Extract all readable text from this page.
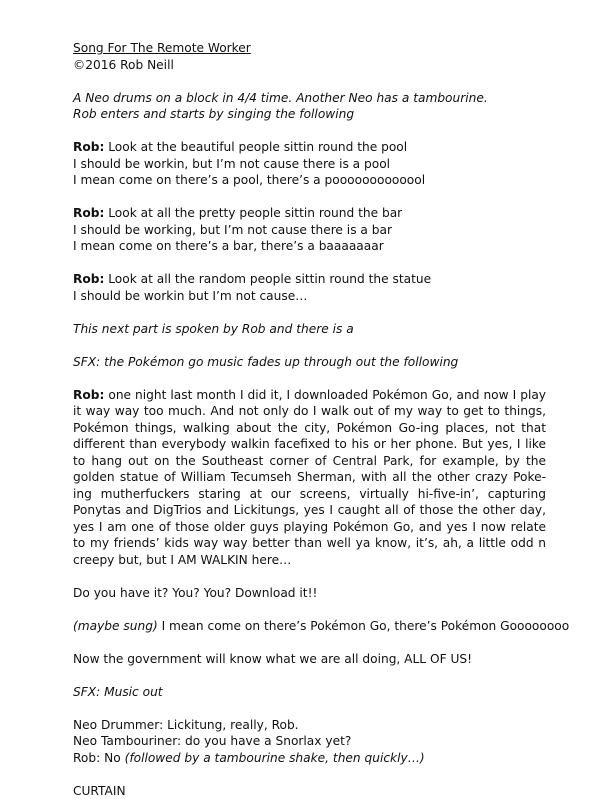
Song For The Remote Worker
©2016 Rob Neill
A Neo drums on a block in 4/4 time. Another Neo has a tambourine.
Rob enters and starts by singing the following
Rob: Look at the beautiful people sittin round the pool
I should be workin, but I’m not cause there is a pool
I mean come on there’s a pool, there’s a pooooooooooool
Rob: Look at all the pretty people sittin round the bar
I should be working, but I’m not cause there is a bar
I mean come on there’s a bar, there’s a baaaaaaar
Rob: Look at all the random people sittin round the statue
I should be workin but I’m not cause…
This next part is spoken by Rob and there is a
SFX: the Pokémon go music fades up through out the following
Rob: one night last month I did it, I downloaded Pokémon Go, and now I play it way way too much. And not only do I walk out of my way to get to things, Pokémon things, walking about the city, Pokémon Go-ing places, not that different than everybody walkin facefixed to his or her phone. But yes, I like to hang out on the Southeast corner of Central Park, for example, by the golden statue of William Tecumseh Sherman, with all the other crazy Poke-ing mutherfuckers staring at our screens, virtually hi-five-in’, capturing Ponytas and DigTrios and Lickitungs, yes I caught all of those the other day, yes I am one of those older guys playing Pokémon Go, and yes I now relate to my friends’ kids way way better than well ya know, it’s, ah, a little odd n creepy but, but I AM WALKIN here…
Do you have it? You? You? Download it!!
(maybe sung) I mean come on there’s Pokémon Go, there’s Pokémon Goooooooo
Now the government will know what we are all doing, ALL OF US!
SFX: Music out
Neo Drummer: Lickitung, really, Rob.
Neo Tambouriner: do you have a Snorlax yet?
Rob: No (followed by a tambourine shake, then quickly…)
CURTAIN
